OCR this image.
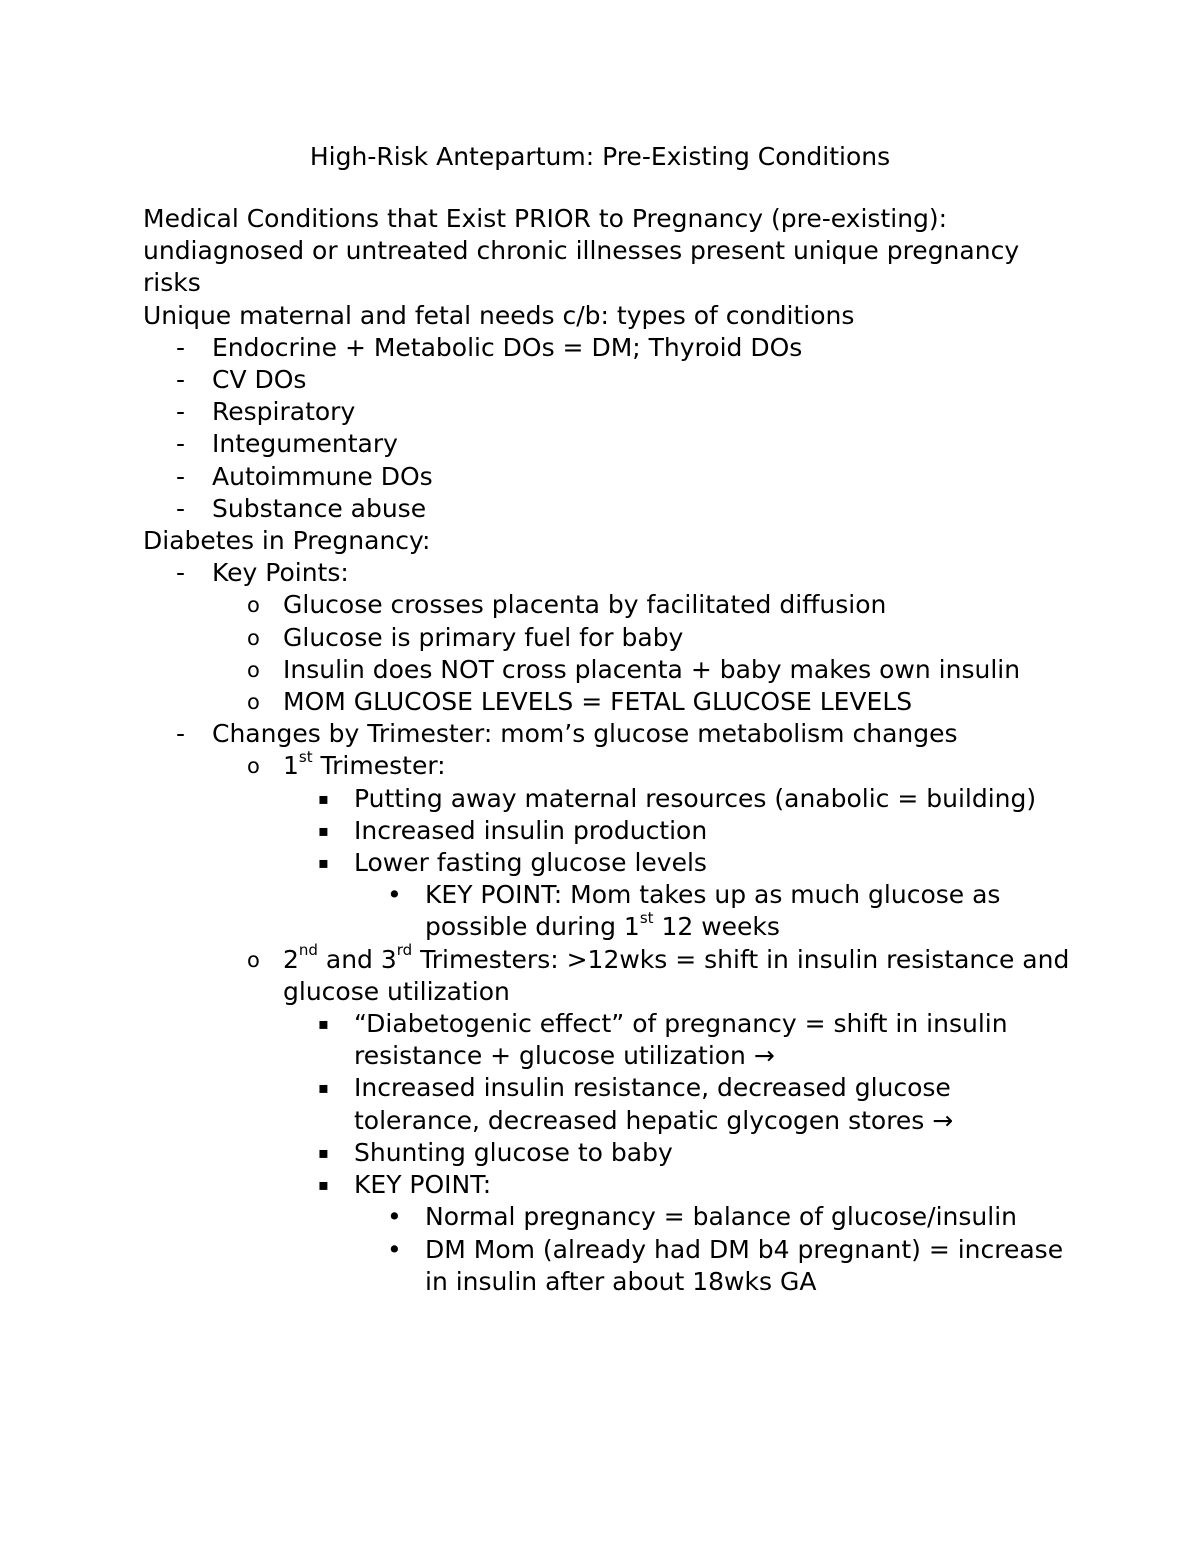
High-Risk Antepartum: Pre-Existing Conditions

Medical Conditions that Exist PRIOR to Pregnancy (pre-existing): undiagnosed or untreated chronic illnesses present unique pregnancy risks

Unique maternal and fetal needs c/b: types of conditions

- Endocrine + Metabolic DOs = DM; Thyroid DOs
- CV DOs
- Respiratory
- Integumentary
- Autoimmune DOs
- Substance abuse

Diabetes in Pregnancy:

- Key Points:
o Glucose crosses placenta by facilitated diffusion
o Glucose is primary fuel for baby
o Insulin does NOT cross placenta + baby makes own insulin
o MOM GLUCOSE LEVELS = FETAL GLUCOSE LEVELS
- Changes by Trimester: mom’s glucose metabolism changes
o 1st Trimester:
▪ Putting away maternal resources (anabolic = building)
▪ Increased insulin production
▪ Lower fasting glucose levels
• KEY POINT: Mom takes up as much glucose as possible during 1st 12 weeks
o 2nd and 3rd Trimesters: >12wks = shift in insulin resistance and glucose utilization
▪ “Diabetogenic effect” of pregnancy = shift in insulin resistance + glucose utilization →
▪ Increased insulin resistance, decreased glucose tolerance, decreased hepatic glycogen stores →
▪ Shunting glucose to baby
▪ KEY POINT:
• Normal pregnancy = balance of glucose/insulin
• DM Mom (already had DM b4 pregnant) = increase in insulin after about 18wks GA
